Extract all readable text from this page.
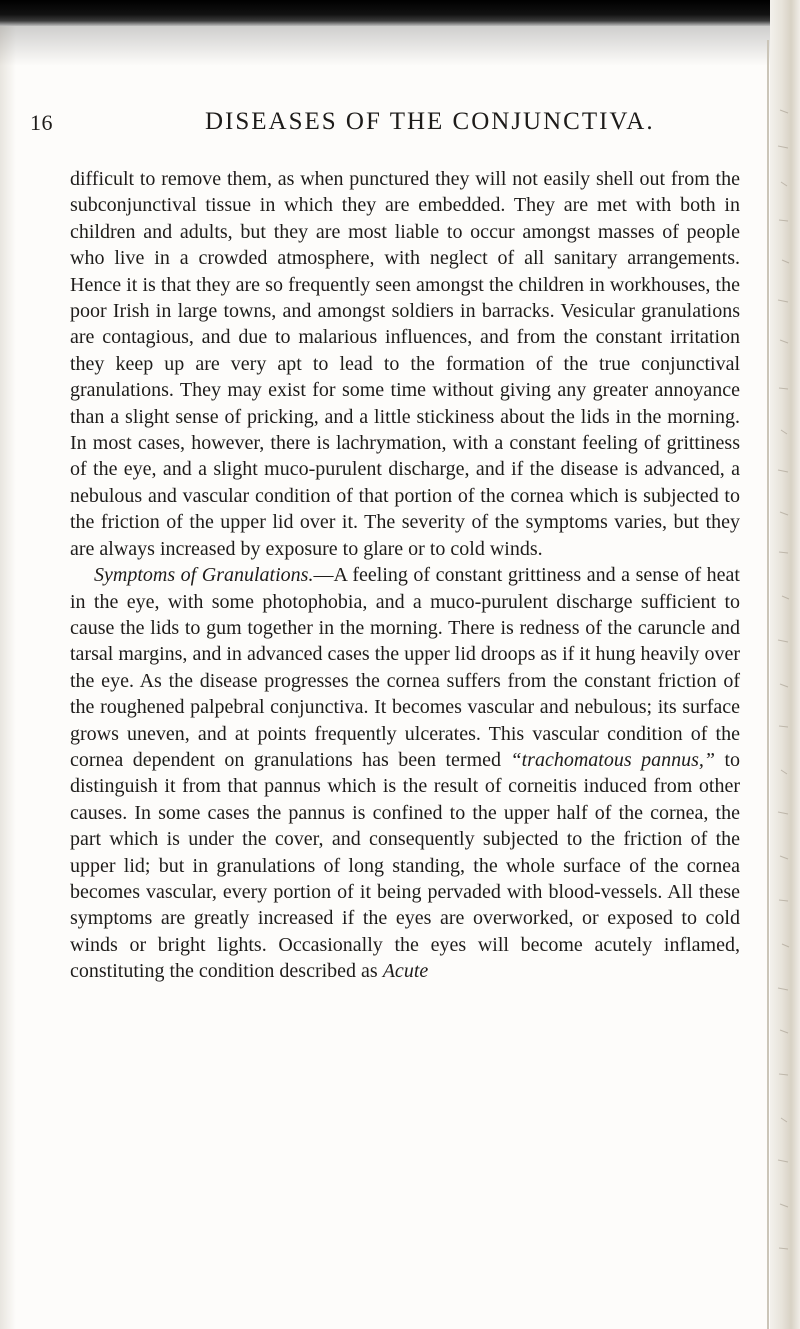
16	DISEASES OF THE CONJUNCTIVA.

difficult to remove them, as when punctured they will not easily shell out from the subconjunctival tissue in which they are embedded. They are met with both in children and adults, but they are most liable to occur amongst masses of people who live in a crowded atmosphere, with neglect of all sanitary arrangements. Hence it is that they are so frequently seen amongst the children in workhouses, the poor Irish in large towns, and amongst soldiers in barracks. Vesicular granulations are contagious, and due to malarious influences, and from the constant irritation they keep up are very apt to lead to the formation of the true conjunctival granulations. They may exist for some time without giving any greater annoyance than a slight sense of pricking, and a little stickiness about the lids in the morning. In most cases, however, there is lachrymation, with a constant feeling of grittiness of the eye, and a slight muco-purulent discharge, and if the disease is advanced, a nebulous and vascular condition of that portion of the cornea which is subjected to the friction of the upper lid over it. The severity of the symptoms varies, but they are always increased by exposure to glare or to cold winds.

Symptoms of Granulations.—A feeling of constant grittiness and a sense of heat in the eye, with some photophobia, and a muco-purulent discharge sufficient to cause the lids to gum together in the morning. There is redness of the caruncle and tarsal margins, and in advanced cases the upper lid droops as if it hung heavily over the eye. As the disease progresses the cornea suffers from the constant friction of the roughened palpebral conjunctiva. It becomes vascular and nebulous; its surface grows uneven, and at points frequently ulcerates. This vascular condition of the cornea dependent on granulations has been termed “trachomatous pannus,” to distinguish it from that pannus which is the result of corneitis induced from other causes. In some cases the pannus is confined to the upper half of the cornea, the part which is under the cover, and consequently subjected to the friction of the upper lid; but in granulations of long standing, the whole surface of the cornea becomes vascular, every portion of it being pervaded with blood-vessels. All these symptoms are greatly increased if the eyes are overworked, or exposed to cold winds or bright lights. Occasionally the eyes will become acutely inflamed, constituting the condition described as Acute
